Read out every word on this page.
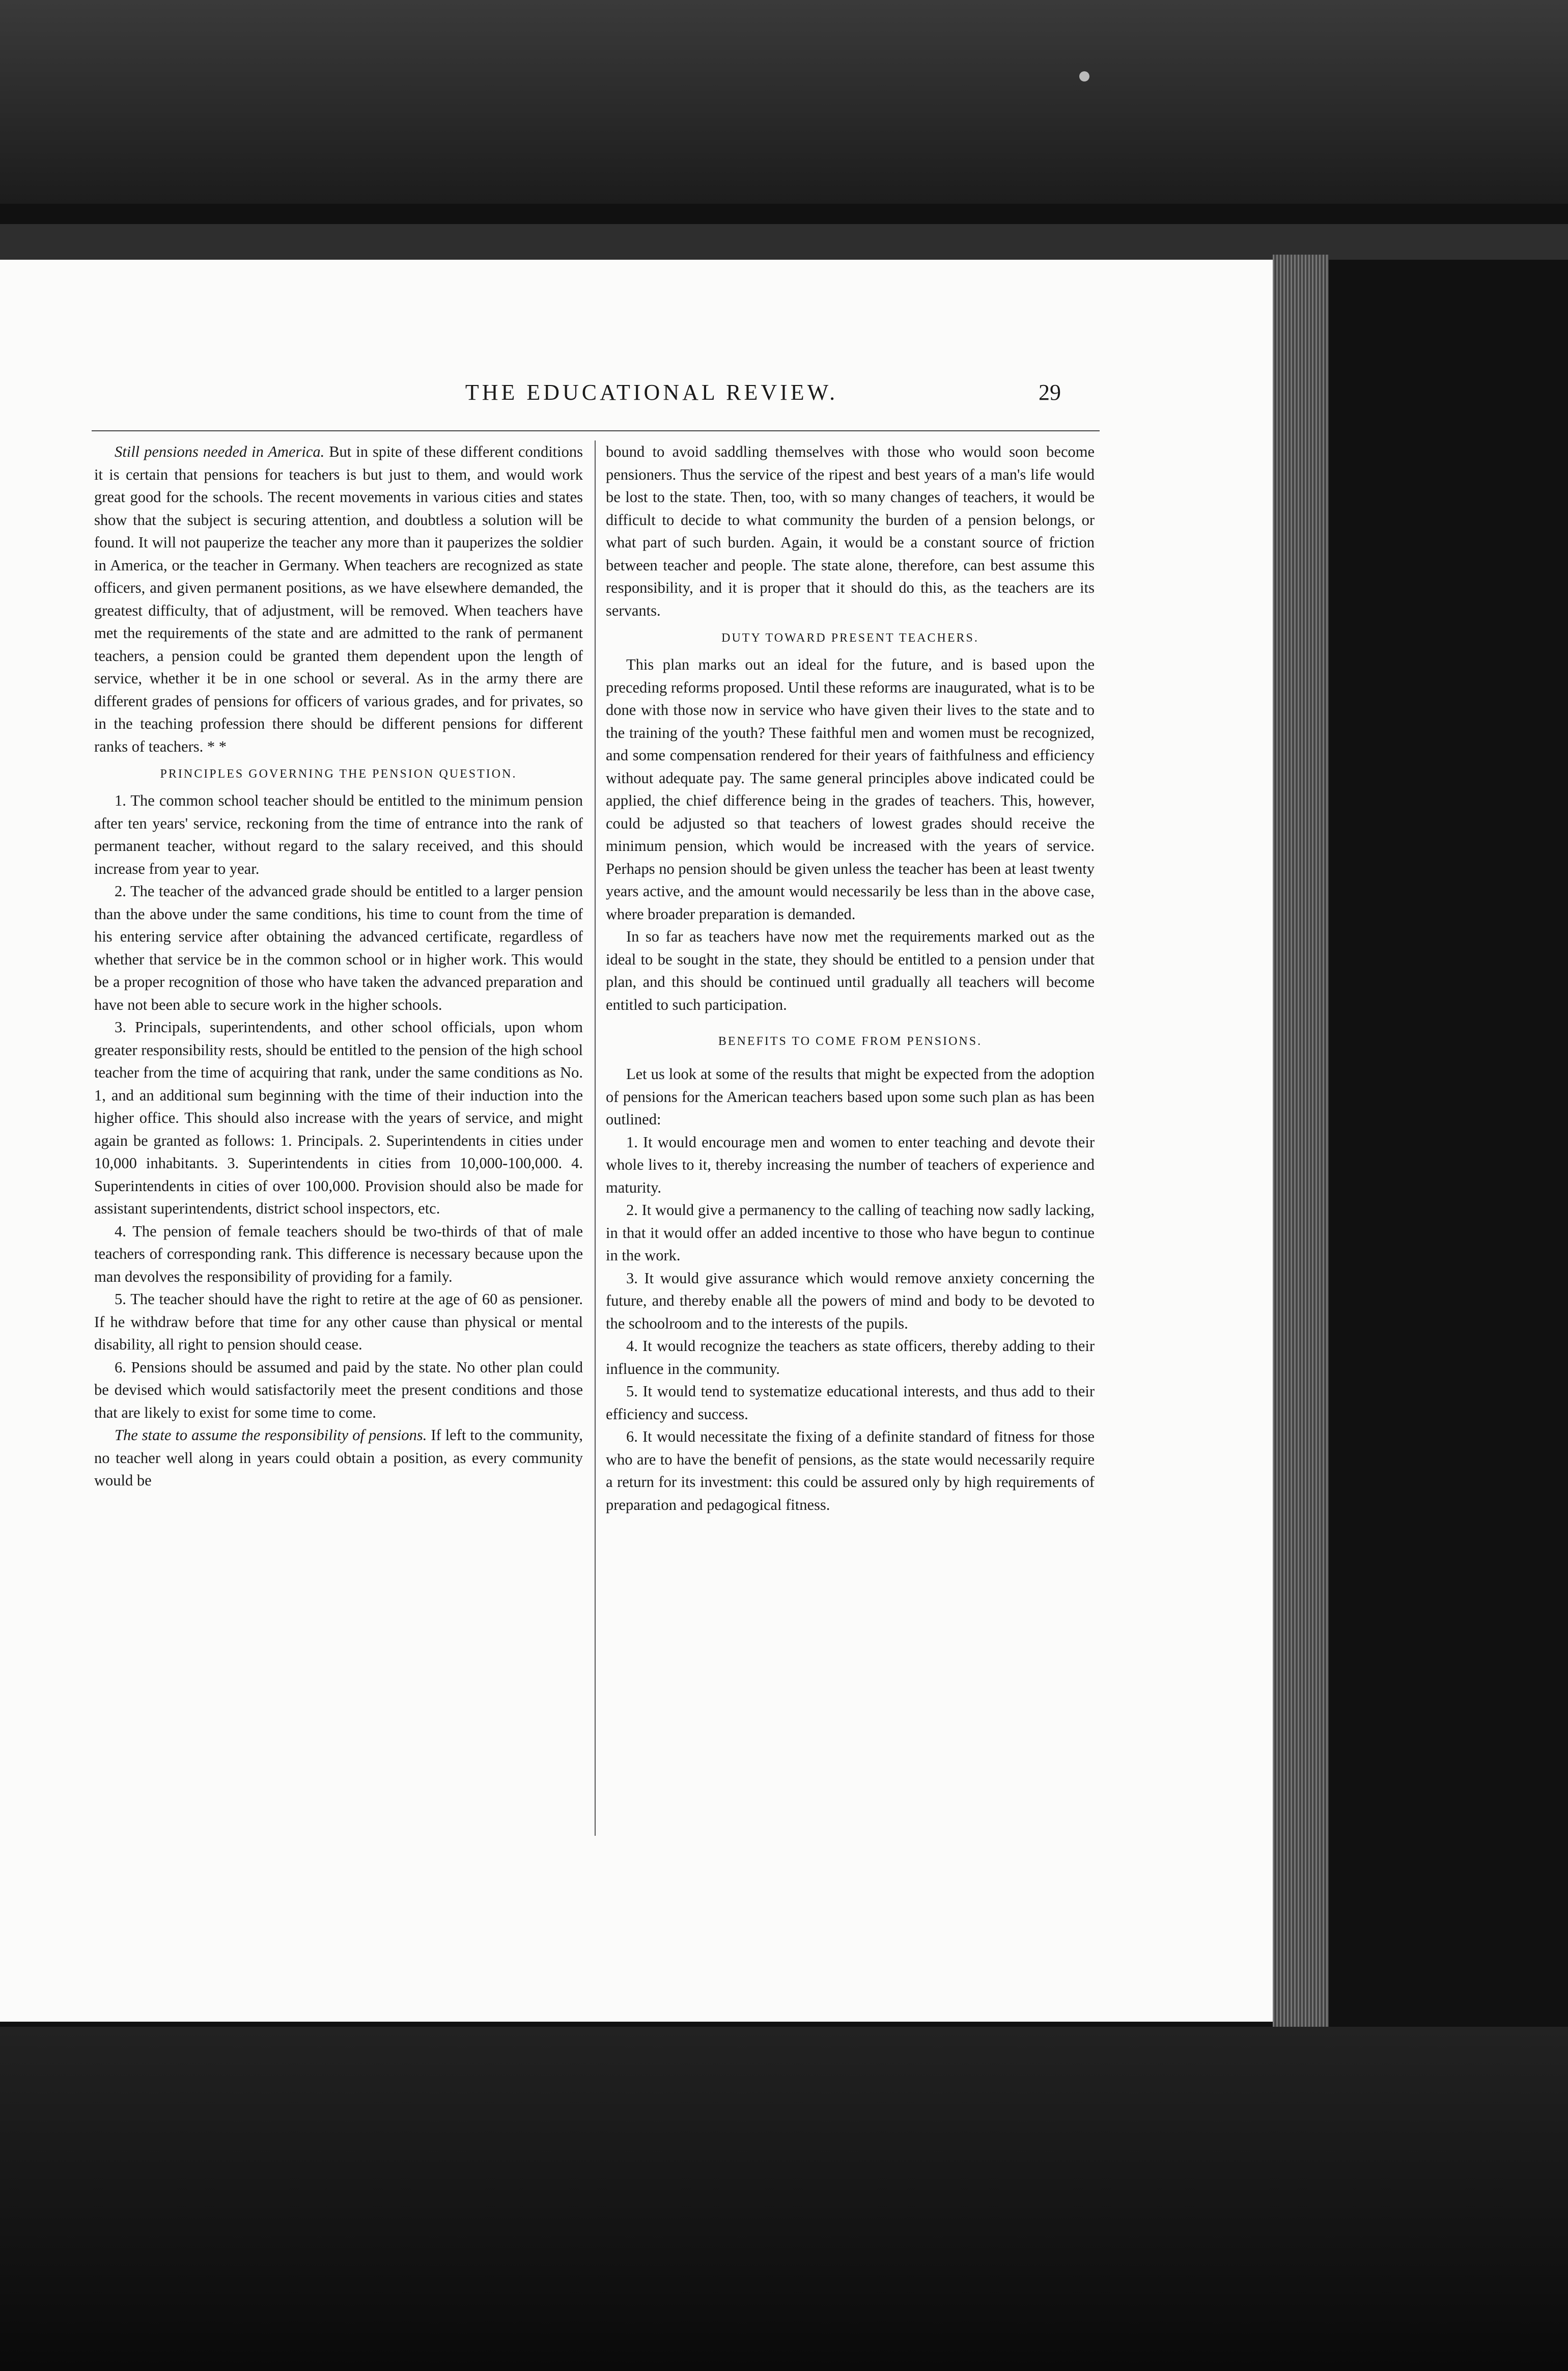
THE EDUCATIONAL REVIEW.	29

Still pensions needed in America. But in spite of these different conditions it is certain that pensions for teachers is but just to them, and would work great good for the schools. The recent movements in various cities and states show that the subject is securing attention, and doubtless a solution will be found. It will not pauperize the teacher any more than it pauperizes the soldier in America, or the teacher in Germany. When teachers are recognized as state officers, and given permanent positions, as we have elsewhere demanded, the greatest difficulty, that of adjustment, will be removed. When teachers have met the requirements of the state and are admitted to the rank of permanent teachers, a pension could be granted them dependent upon the length of service, whether it be in one school or several. As in the army there are different grades of pensions for officers of various grades, and for privates, so in the teaching profession there should be different pensions for different ranks of teachers. * *

PRINCIPLES GOVERNING THE PENSION QUESTION.

1. The common school teacher should be entitled to the minimum pension after ten years' service, reckoning from the time of entrance into the rank of permanent teacher, without regard to the salary received, and this should increase from year to year.

2. The teacher of the advanced grade should be entitled to a larger pension than the above under the same conditions, his time to count from the time of his entering service after obtaining the advanced certificate, regardless of whether that service be in the common school or in higher work. This would be a proper recognition of those who have taken the advanced preparation and have not been able to secure work in the higher schools.

3. Principals, superintendents, and other school officials, upon whom greater responsibility rests, should be entitled to the pension of the high school teacher from the time of acquiring that rank, under the same conditions as No. 1, and an additional sum beginning with the time of their induction into the higher office. This should also increase with the years of service, and might again be granted as follows: 1. Principals. 2. Superintendents in cities under 10,000 inhabitants. 3. Superintendents in cities from 10,000-100,000. 4. Superintendents in cities of over 100,000. Provision should also be made for assistant superintendents, district school inspectors, etc.

4. The pension of female teachers should be two-thirds of that of male teachers of corresponding rank. This difference is necessary because upon the man devolves the responsibility of providing for a family.

5. The teacher should have the right to retire at the age of 60 as pensioner. If he withdraw before that time for any other cause than physical or mental disability, all right to pension should cease.

6. Pensions should be assumed and paid by the state. No other plan could be devised which would satisfactorily meet the present conditions and those that are likely to exist for some time to come.

The state to assume the responsibility of pensions. If left to the community, no teacher well along in years could obtain a position, as every community would be

bound to avoid saddling themselves with those who would soon become pensioners. Thus the service of the ripest and best years of a man's life would be lost to the state. Then, too, with so many changes of teachers, it would be difficult to decide to what community the burden of a pension belongs, or what part of such burden. Again, it would be a constant source of friction between teacher and people. The state alone, therefore, can best assume this responsibility, and it is proper that it should do this, as the teachers are its servants.

DUTY TOWARD PRESENT TEACHERS.

This plan marks out an ideal for the future, and is based upon the preceding reforms proposed. Until these reforms are inaugurated, what is to be done with those now in service who have given their lives to the state and to the training of the youth? These faithful men and women must be recognized, and some compensation rendered for their years of faithfulness and efficiency without adequate pay. The same general principles above indicated could be applied, the chief difference being in the grades of teachers. This, however, could be adjusted so that teachers of lowest grades should receive the minimum pension, which would be increased with the years of service. Perhaps no pension should be given unless the teacher has been at least twenty years active, and the amount would necessarily be less than in the above case, where broader preparation is demanded.

In so far as teachers have now met the requirements marked out as the ideal to be sought in the state, they should be entitled to a pension under that plan, and this should be continued until gradually all teachers will become entitled to such participation.

BENEFITS TO COME FROM PENSIONS.

Let us look at some of the results that might be expected from the adoption of pensions for the American teachers based upon some such plan as has been outlined:

1. It would encourage men and women to enter teaching and devote their whole lives to it, thereby increasing the number of teachers of experience and maturity.

2. It would give a permanency to the calling of teaching now sadly lacking, in that it would offer an added incentive to those who have begun to continue in the work.

3. It would give assurance which would remove anxiety concerning the future, and thereby enable all the powers of mind and body to be devoted to the schoolroom and to the interests of the pupils.

4. It would recognize the teachers as state officers, thereby adding to their influence in the community.

5. It would tend to systematize educational interests, and thus add to their efficiency and success.

6. It would necessitate the fixing of a definite standard of fitness for those who are to have the benefit of pensions, as the state would necessarily require a return for its investment: this could be assured only by high requirements of preparation and pedagogical fitness.
